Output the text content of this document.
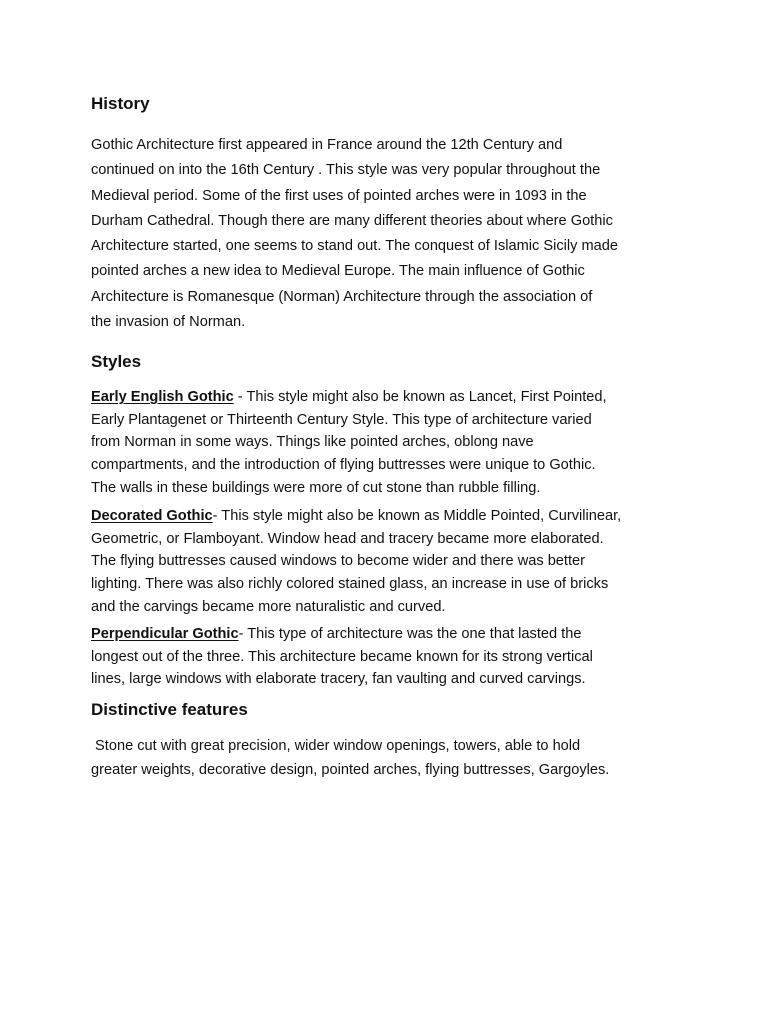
History

Gothic Architecture first appeared in France around the 12th Century and
continued on into the 16th Century . This style was very popular throughout the
Medieval period. Some of the first uses of pointed arches were in 1093 in the
Durham Cathedral. Though there are many different theories about where Gothic
Architecture started, one seems to stand out. The conquest of Islamic Sicily made
pointed arches a new idea to Medieval Europe. The main influence of Gothic
Architecture is Romanesque (Norman) Architecture through the association of
the invasion of Norman.

Styles

Early English Gothic - This style might also be known as Lancet, First Pointed,
Early Plantagenet or Thirteenth Century Style. This type of architecture varied
from Norman in some ways. Things like pointed arches, oblong nave
compartments, and the introduction of flying buttresses were unique to Gothic.
The walls in these buildings were more of cut stone than rubble filling.

Decorated Gothic- This style might also be known as Middle Pointed, Curvilinear,
Geometric, or Flamboyant. Window head and tracery became more elaborated.
The flying buttresses caused windows to become wider and there was better
lighting. There was also richly colored stained glass, an increase in use of bricks
and the carvings became more naturalistic and curved.

Perpendicular Gothic- This type of architecture was the one that lasted the
longest out of the three. This architecture became known for its strong vertical
lines, large windows with elaborate tracery, fan vaulting and curved carvings.

Distinctive features

Stone cut with great precision, wider window openings, towers, able to hold
greater weights, decorative design, pointed arches, flying buttresses, Gargoyles.
